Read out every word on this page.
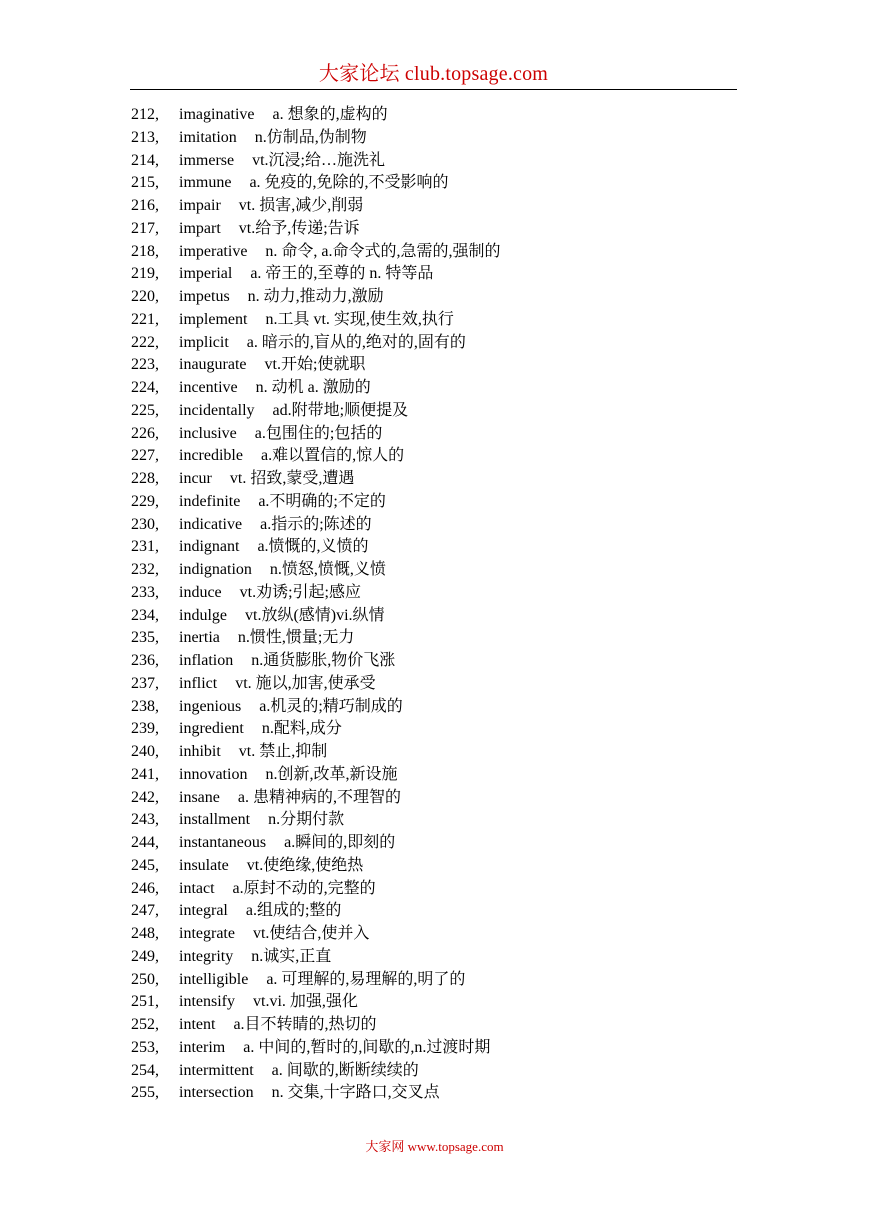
大家论坛 club.topsage.com
212, imaginative a. 想象的,虚构的
213, imitation n.仿制品,伪制物
214, immerse vt.沉浸;给…施洗礼
215, immune a. 免疫的,免除的,不受影响的
216, impair vt. 损害,减少,削弱
217, impart vt.给予,传递;告诉
218, imperative n. 命令, a.命令式的,急需的,强制的
219, imperial a. 帝王的,至尊的 n. 特等品
220, impetus n. 动力,推动力,激励
221, implement n.工具 vt. 实现,使生效,执行
222, implicit a. 暗示的,盲从的,绝对的,固有的
223, inaugurate vt.开始;使就职
224, incentive n. 动机 a. 激励的
225, incidentally ad.附带地;顺便提及
226, inclusive a.包围住的;包括的
227, incredible a.难以置信的,惊人的
228, incur vt. 招致,蒙受,遭遇
229, indefinite a.不明确的;不定的
230, indicative a.指示的;陈述的
231, indignant a.愤慨的,义愤的
232, indignation n.愤怒,愤慨,义愤
233, induce vt.劝诱;引起;感应
234, indulge vt.放纵(感情)vi.纵情
235, inertia n.惯性,惯量;无力
236, inflation n.通货膨胀,物价飞涨
237, inflict vt. 施以,加害,使承受
238, ingenious a.机灵的;精巧制成的
239, ingredient n.配料,成分
240, inhibit vt. 禁止,抑制
241, innovation n.创新,改革,新设施
242, insane a. 患精神病的,不理智的
243, installment n.分期付款
244, instantaneous a.瞬间的,即刻的
245, insulate vt.使绝缘,使绝热
246, intact a.原封不动的,完整的
247, integral a.组成的;整的
248, integrate vt.使结合,使并入
249, integrity n.诚实,正直
250, intelligible a. 可理解的,易理解的,明了的
251, intensify vt.vi. 加强,强化
252, intent a.目不转睛的,热切的
253, interim a. 中间的,暂时的,间歇的,n.过渡时期
254, intermittent a. 间歇的,断断续续的
255, intersection n. 交集,十字路口,交叉点
大家网 www.topsage.com
